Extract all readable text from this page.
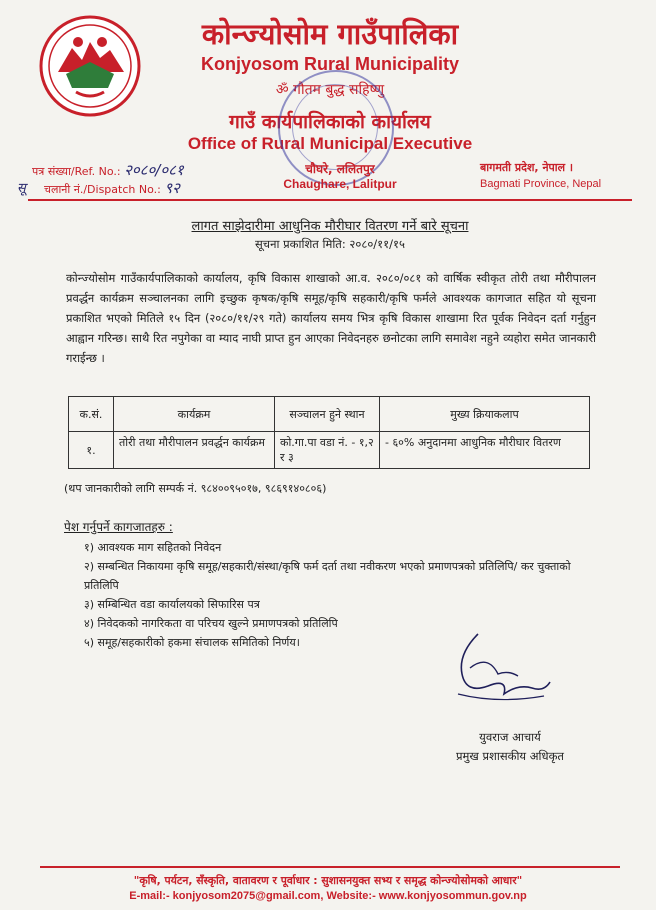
कोन्ज्योसोम गाउँपालिका
Konjyosom Rural Municipality
ॐ गौतम बुद्ध सहिष्णु
गाउँ कार्यपालिकाको कार्यालय
Office of Rural Municipal Executive
चौघरे, ललितपुर
Chaughare, Lalitpur
पत्र संख्या/Ref. No.: २०८०/०८१
सू	चलानी नं./Dispatch No.: ९२
बागमती प्रदेश, नेपाल ।
Bagmati Province, Nepal
लागत साझेदारीमा आधुनिक मौरीघार वितरण गर्ने बारे सूचना
सूचना प्रकाशित मिति: २०८०/११/१५
कोन्ज्योसोम गाउँकार्यपालिकाको कार्यालय, कृषि विकास शाखाको आ.व. २०८०/०८१ को वार्षिक स्वीकृत तोरी तथा मौरीपालन प्रवर्द्धन कार्यक्रम सञ्चालनका लागि इच्छुक कृषक/कृषि समूह/कृषि सहकारी/कृषि फर्मले आवश्यक कागजात सहित यो सूचना प्रकाशित भएको मितिले १५ दिन (२०८०/११/२९ गते) कार्यालय समय भित्र कृषि विकास शाखामा रित पूर्वक निवेदन दर्ता गर्नुहुन आह्वान गरिन्छ। साथै रित नपुगेका वा म्याद नाघी प्राप्त हुन आएका निवेदनहरु छनोटका लागि समावेश नहुने व्यहोरा समेत जानकारी गराईन्छ ।
क.सं.	कार्यक्रम	सञ्चालन हुने स्थान	मुख्य क्रियाकलाप
१.	तोरी तथा मौरीपालन प्रवर्द्धन कार्यक्रम	को.गा.पा वडा नं. - १,२ र ३	- ६०% अनुदानमा आधुनिक मौरीघार वितरण
(थप जानकारीको लागि सम्पर्क नं. ९८४००९५०१७, ९८६९१४०८०६)
पेश गर्नुपर्ने कागजातहरु :
१) आवश्यक माग सहितको निवेदन
२) सम्बन्धित निकायमा कृषि समूह/सहकारी/संस्था/कृषि फर्म दर्ता तथा नवीकरण भएको प्रमाणपत्रको प्रतिलिपि/ कर चुक्ताको प्रतिलिपि
३) सम्बिन्धित वडा कार्यालयको सिफारिस पत्र
४) निवेदकको नागरिकता वा परिचय खुल्ने प्रमाणपत्रको प्रतिलिपि
५) समूह/सहकारीको हकमा संचालक समितिको निर्णय।
युवराज आचार्य
प्रमुख प्रशासकीय अधिकृत
"कृषि, पर्यटन, सँस्कृति, वातावरण र पूर्वाधार : सुशासनयुक्त सभ्य र समृद्ध कोन्ज्योसोमको आधार"
E-mail:- konjyosom2075@gmail.com, Website:- www.konjyosommun.gov.np
